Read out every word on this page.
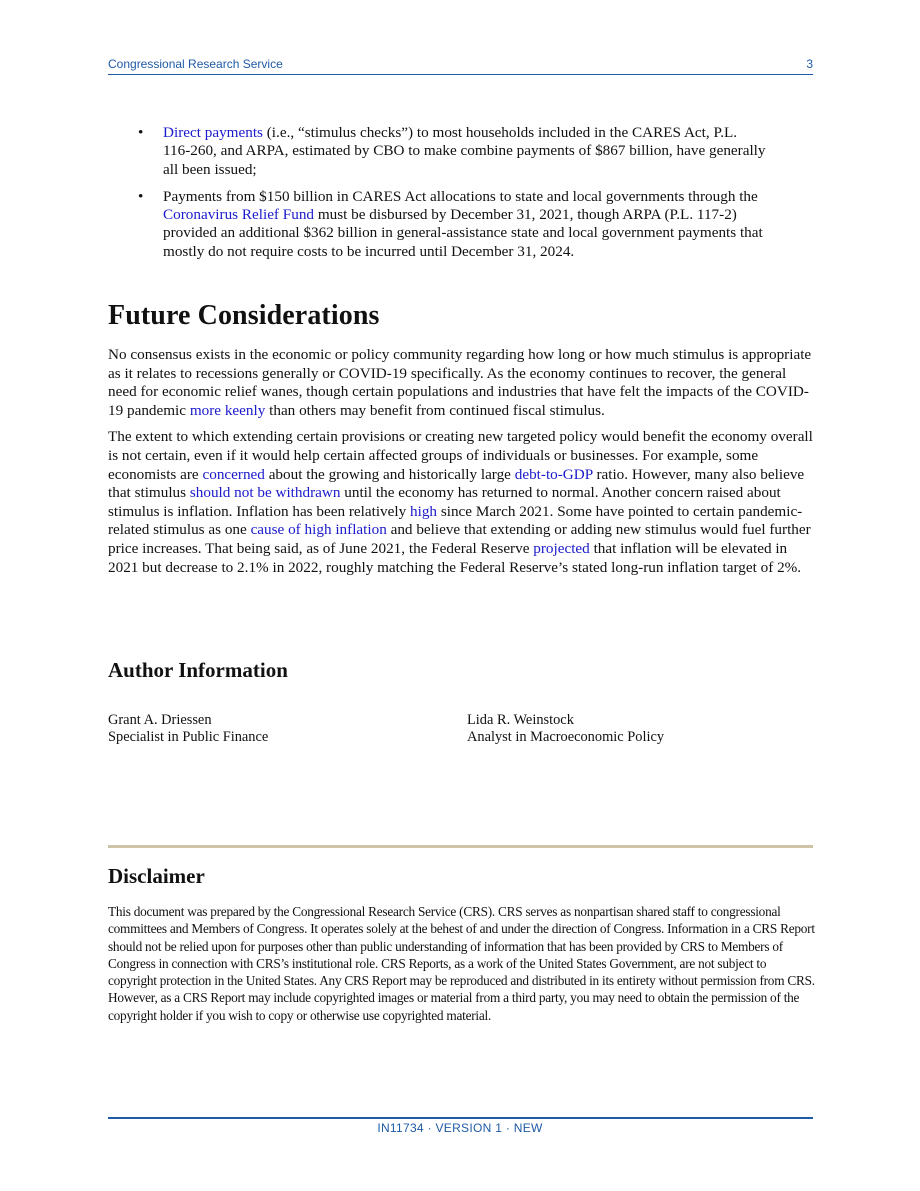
Congressional Research Service	3
• Direct payments (i.e., “stimulus checks”) to most households included in the CARES Act, P.L. 116-260, and ARPA, estimated by CBO to make combine payments of $867 billion, have generally all been issued;
• Payments from $150 billion in CARES Act allocations to state and local governments through the Coronavirus Relief Fund must be disbursed by December 31, 2021, though ARPA (P.L. 117-2) provided an additional $362 billion in general-assistance state and local government payments that mostly do not require costs to be incurred until December 31, 2024.
Future Considerations

No consensus exists in the economic or policy community regarding how long or how much stimulus is appropriate as it relates to recessions generally or COVID-19 specifically. As the economy continues to recover, the general need for economic relief wanes, though certain populations and industries that have felt the impacts of the COVID-19 pandemic more keenly than others may benefit from continued fiscal stimulus.

The extent to which extending certain provisions or creating new targeted policy would benefit the economy overall is not certain, even if it would help certain affected groups of individuals or businesses. For example, some economists are concerned about the growing and historically large debt-to-GDP ratio. However, many also believe that stimulus should not be withdrawn until the economy has returned to normal. Another concern raised about stimulus is inflation. Inflation has been relatively high since March 2021. Some have pointed to certain pandemic-related stimulus as one cause of high inflation and believe that extending or adding new stimulus would fuel further price increases. That being said, as of June 2021, the Federal Reserve projected that inflation will be elevated in 2021 but decrease to 2.1% in 2022, roughly matching the Federal Reserve’s stated long-run inflation target of 2%.

Author Information
Grant A. Driessen
Specialist in Public Finance
Lida R. Weinstock
Analyst in Macroeconomic Policy
Disclaimer
This document was prepared by the Congressional Research Service (CRS). CRS serves as nonpartisan shared staff to congressional committees and Members of Congress. It operates solely at the behest of and under the direction of Congress. Information in a CRS Report should not be relied upon for purposes other than public understanding of information that has been provided by CRS to Members of Congress in connection with CRS’s institutional role. CRS Reports, as a work of the United States Government, are not subject to copyright protection in the United States. Any CRS Report may be reproduced and distributed in its entirety without permission from CRS. However, as a CRS Report may include copyrighted images or material from a third party, you may need to obtain the permission of the copyright holder if you wish to copy or otherwise use copyrighted material.
IN11734 · VERSION 1 · NEW
